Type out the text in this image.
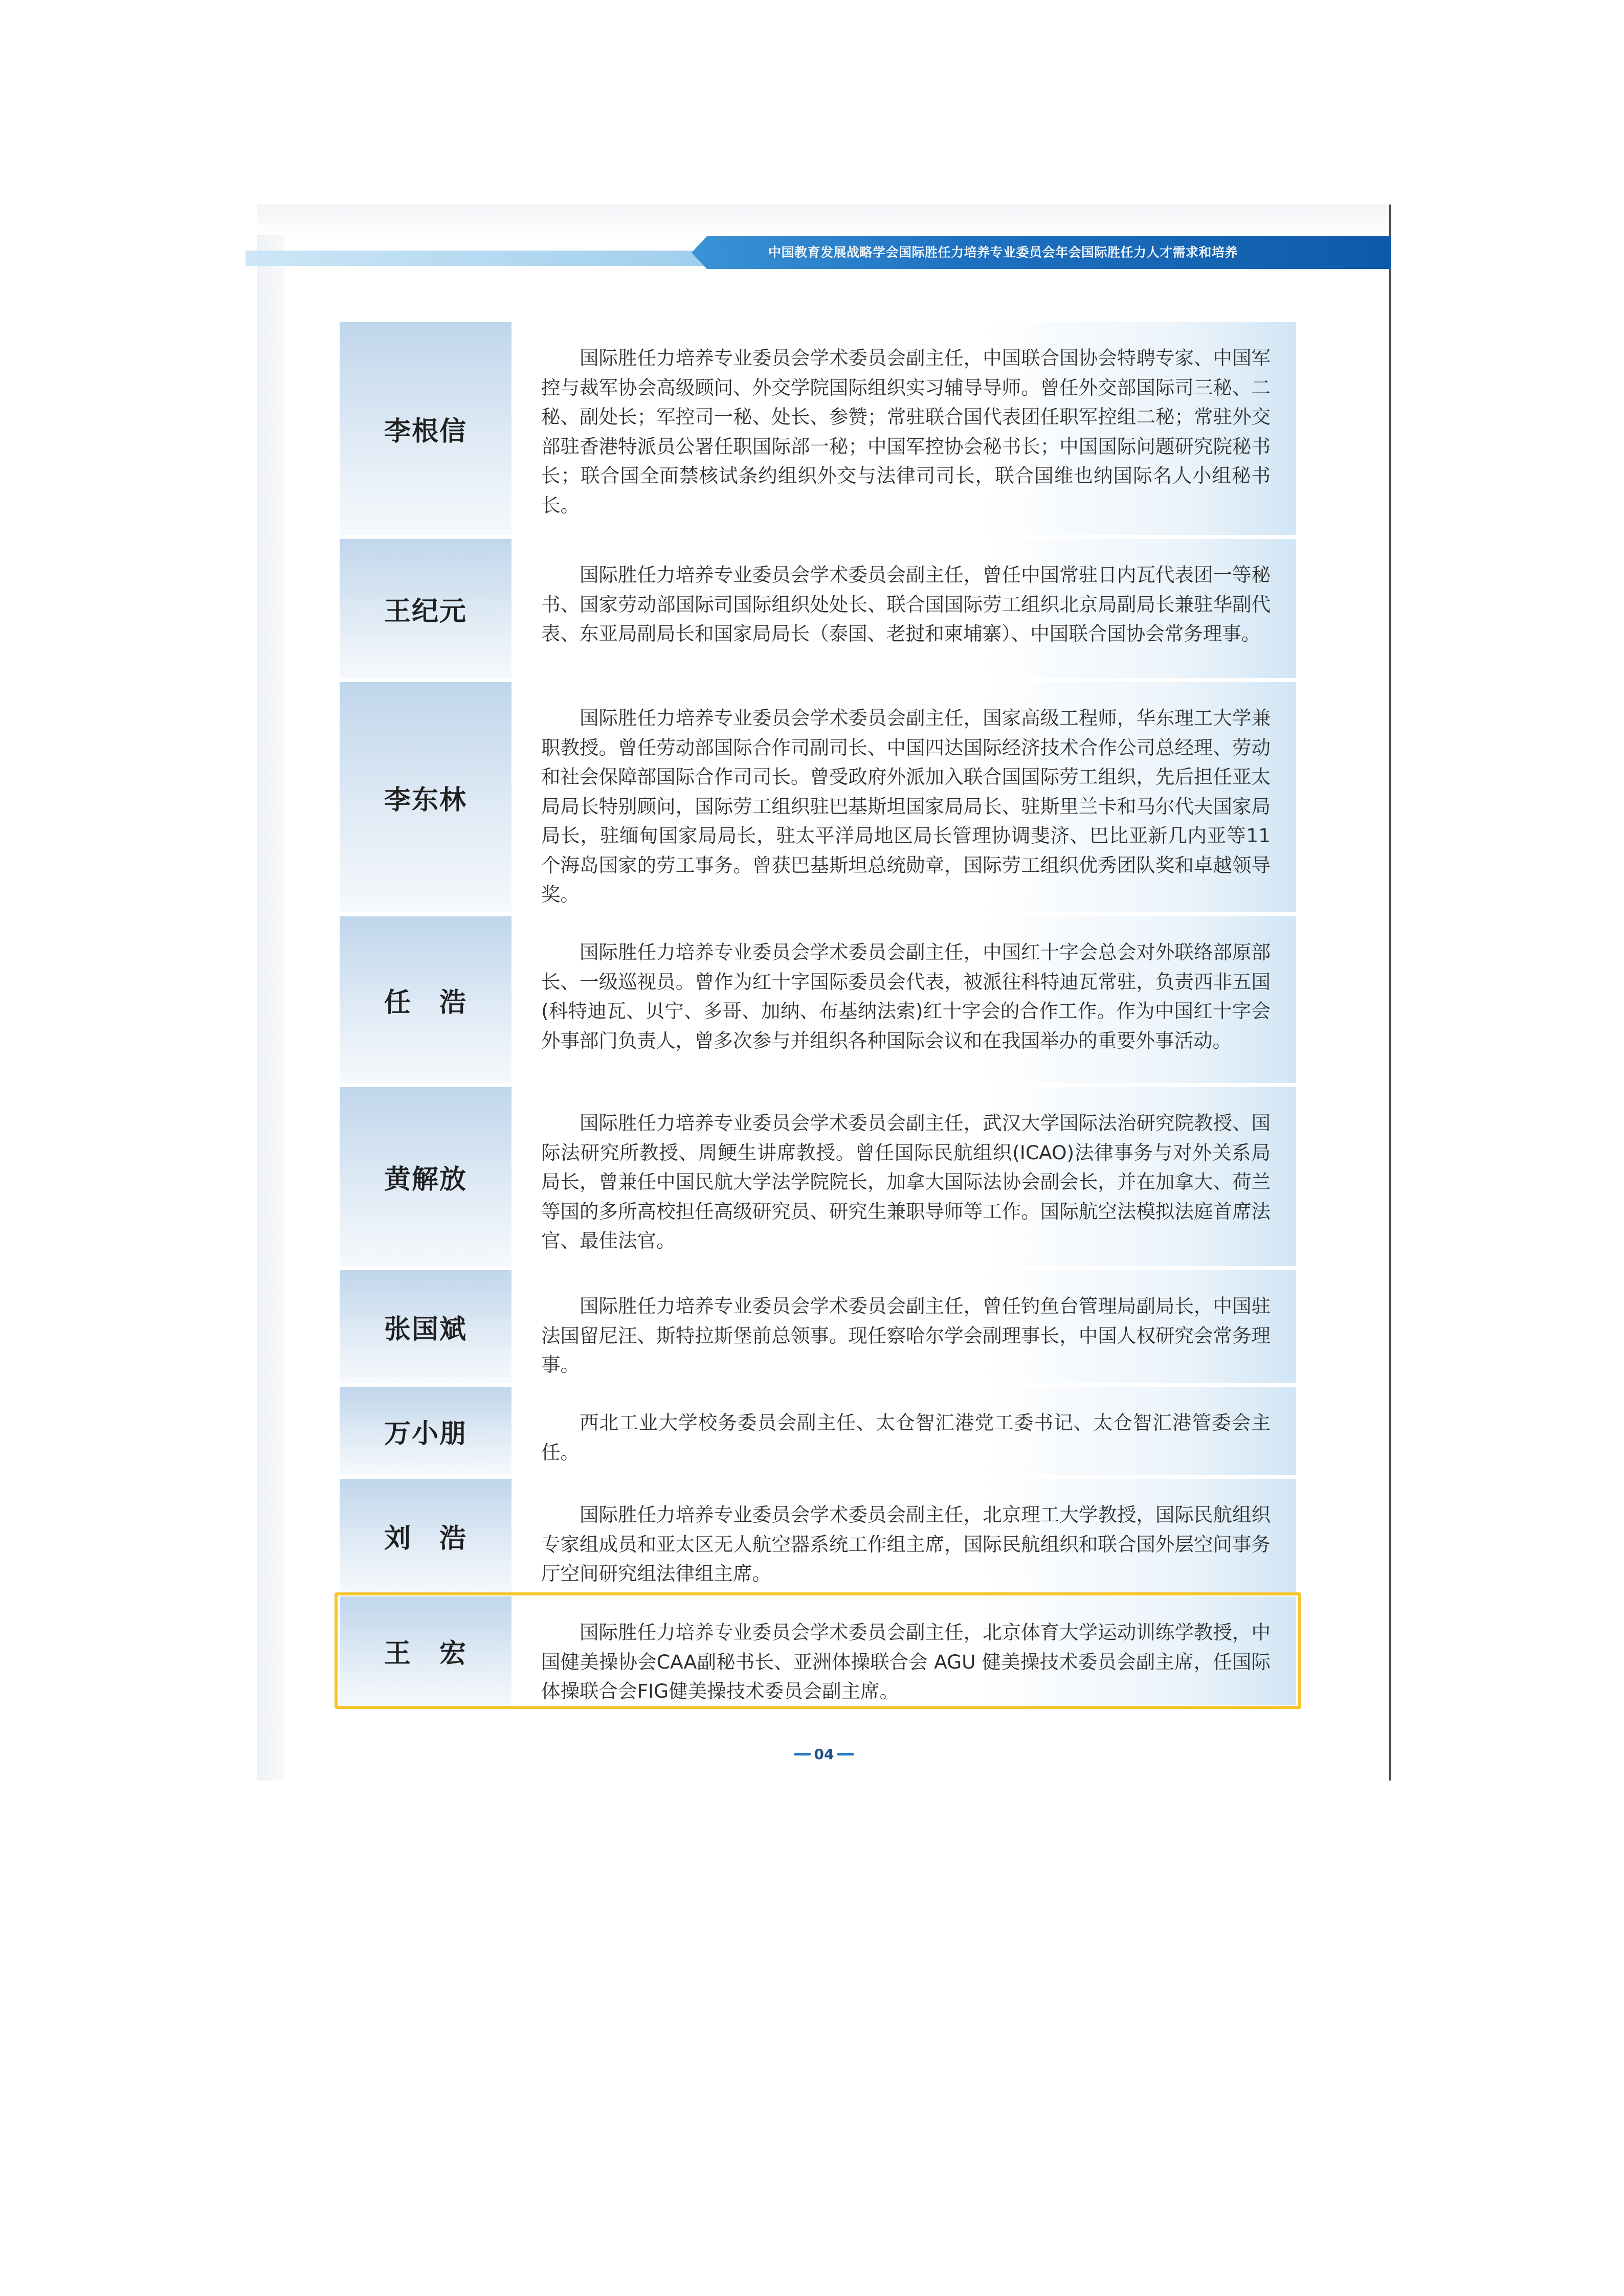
中国教育发展战略学会国际胜任力培养专业委员会年会国际胜任力人才需求和培养
李根信

国际胜任力培养专业委员会学术委员会副主任，中国联合国协会特聘专家、中国军控与裁军协会高级顾问、外交学院国际组织实习辅导导师。曾任外交部国际司三秘、二秘、副处长；军控司一秘、处长、参赞；常驻联合国代表团任职军控组二秘；常驻外交部驻香港特派员公署任职国际部一秘；中国军控协会秘书长；中国国际问题研究院秘书长；联合国全面禁核试条约组织外交与法律司司长，联合国维也纳国际名人小组秘书长。

王纪元

国际胜任力培养专业委员会学术委员会副主任，曾任中国常驻日内瓦代表团一等秘书、国家劳动部国际司国际组织处处长、联合国国际劳工组织北京局副局长兼驻华副代表、东亚局副局长和国家局局长（泰国、老挝和柬埔寨）、中国联合国协会常务理事。

李东林

国际胜任力培养专业委员会学术委员会副主任，国家高级工程师，华东理工大学兼职教授。曾任劳动部国际合作司副司长、中国四达国际经济技术合作公司总经理、劳动和社会保障部国际合作司司长。曾受政府外派加入联合国国际劳工组织，先后担任亚太局局长特别顾问，国际劳工组织驻巴基斯坦国家局局长、驻斯里兰卡和马尔代夫国家局局长，驻缅甸国家局局长，驻太平洋局地区局长管理协调斐济、巴比亚新几内亚等11个海岛国家的劳工事务。曾获巴基斯坦总统勋章，国际劳工组织优秀团队奖和卓越领导奖。

任　浩

国际胜任力培养专业委员会学术委员会副主任，中国红十字会总会对外联络部原部长、一级巡视员。曾作为红十字国际委员会代表，被派往科特迪瓦常驻，负责西非五国(科特迪瓦、贝宁、多哥、加纳、布基纳法索)红十字会的合作工作。作为中国红十字会外事部门负责人，曾多次参与并组织各种国际会议和在我国举办的重要外事活动。

黄解放

国际胜任力培养专业委员会学术委员会副主任，武汉大学国际法治研究院教授、国际法研究所教授、周鲠生讲席教授。曾任国际民航组织(ICAO)法律事务与对外关系局局长，曾兼任中国民航大学法学院院长，加拿大国际法协会副会长，并在加拿大、荷兰等国的多所高校担任高级研究员、研究生兼职导师等工作。国际航空法模拟法庭首席法官、最佳法官。

张国斌

国际胜任力培养专业委员会学术委员会副主任，曾任钓鱼台管理局副局长，中国驻法国留尼汪、斯特拉斯堡前总领事。现任察哈尔学会副理事长，中国人权研究会常务理事。

万小朋	西北工业大学校务委员会副主任、太仓智汇港党工委书记、太仓智汇港管委会主任。

刘　浩

国际胜任力培养专业委员会学术委员会副主任，北京理工大学教授，国际民航组织专家组成员和亚太区无人航空器系统工作组主席，国际民航组织和联合国外层空间事务厅空间研究组法律组主席。

王　宏

国际胜任力培养专业委员会学术委员会副主任，北京体育大学运动训练学教授，中国健美操协会CAA副秘书长、亚洲体操联合会 AGU 健美操技术委员会副主席，任国际体操联合会FIG健美操技术委员会副主席。

04
